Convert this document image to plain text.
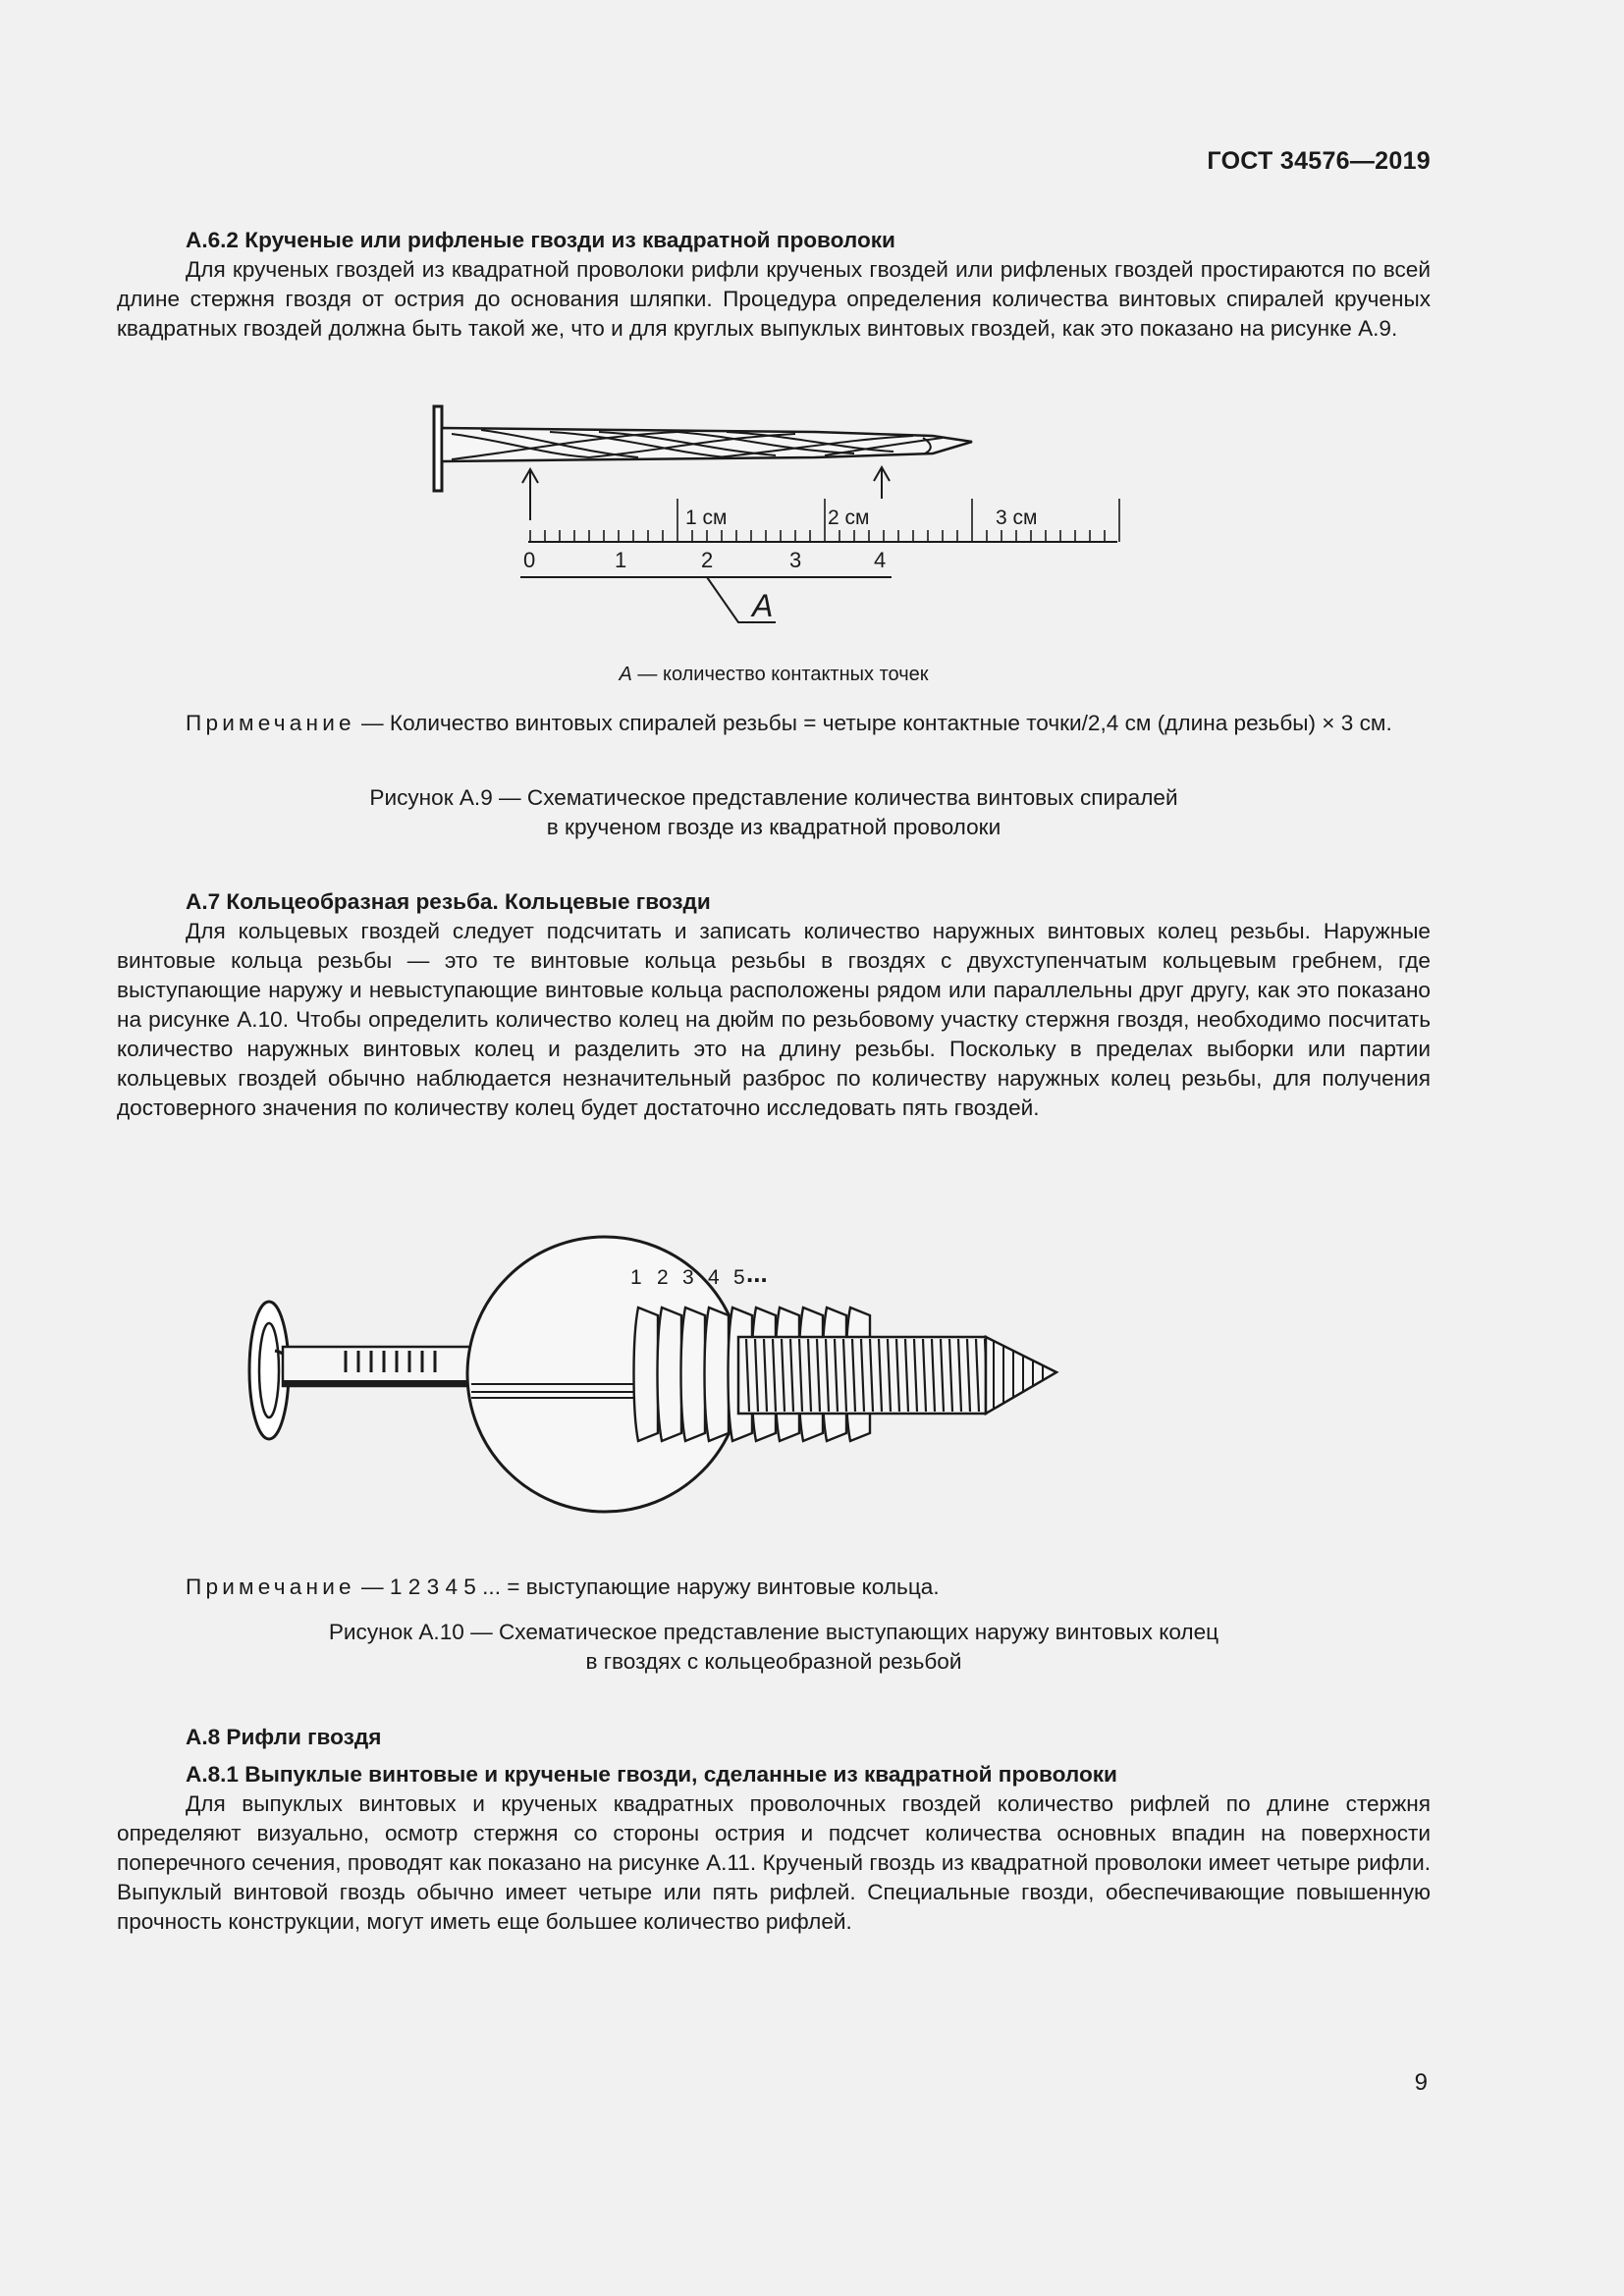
ГОСТ 34576—2019

А.6.2 Крученые или рифленые гвозди из квадратной проволоки

Для крученых гвоздей из квадратной проволоки рифли крученых гвоздей или рифленых гвоздей простираются по всей длине стержня гвоздя от острия до основания шляпки. Процедура определения количества винтовых спиралей крученых квадратных гвоздей должна быть такой же, что и для круглых выпуклых винтовых гвоздей, как это показано на рисунке А.9.

1 см	2 см	3 см
0	1	2	3	4
А
А — количество контактных точек

Примечание — Количество винтовых спиралей резьбы = четыре контактные точки/2,4 см (длина резьбы) × 3 см.

Рисунок А.9 — Схематическое представление количества винтовых спиралей
в крученом гвозде из квадратной проволоки

А.7 Кольцеобразная резьба. Кольцевые гвозди

Для кольцевых гвоздей следует подсчитать и записать количество наружных винтовых колец резьбы. Наружные винтовые кольца резьбы — это те винтовые кольца резьбы в гвоздях с двухступенчатым кольцевым гребнем, где выступающие наружу и невыступающие винтовые кольца расположены рядом или параллельны друг другу, как это показано на рисунке А.10. Чтобы определить количество колец на дюйм по резьбовому участку стержня гвоздя, необходимо посчитать количество наружных винтовых колец и разделить это на длину резьбы. Поскольку в пределах выборки или партии кольцевых гвоздей обычно наблюдается незначительный разброс по количеству наружных колец резьбы, для получения достоверного значения по количеству колец будет достаточно исследовать пять гвоздей.

1 2 3 4 5 ...

Примечание — 1 2 3 4 5 ... = выступающие наружу винтовые кольца.

Рисунок А.10 — Схематическое представление выступающих наружу винтовых колец
в гвоздях с кольцеобразной резьбой

А.8 Рифли гвоздя

А.8.1 Выпуклые винтовые и крученые гвозди, сделанные из квадратной проволоки

Для выпуклых винтовых и крученых квадратных проволочных гвоздей количество рифлей по длине стержня определяют визуально, осмотр стержня со стороны острия и подсчет количества основных впадин на поверхности поперечного сечения, проводят как показано на рисунке А.11. Крученый гвоздь из квадратной проволоки имеет четыре рифли. Выпуклый винтовой гвоздь обычно имеет четыре или пять рифлей. Специальные гвозди, обеспечивающие повышенную прочность конструкции, могут иметь еще большее количество рифлей.

9
